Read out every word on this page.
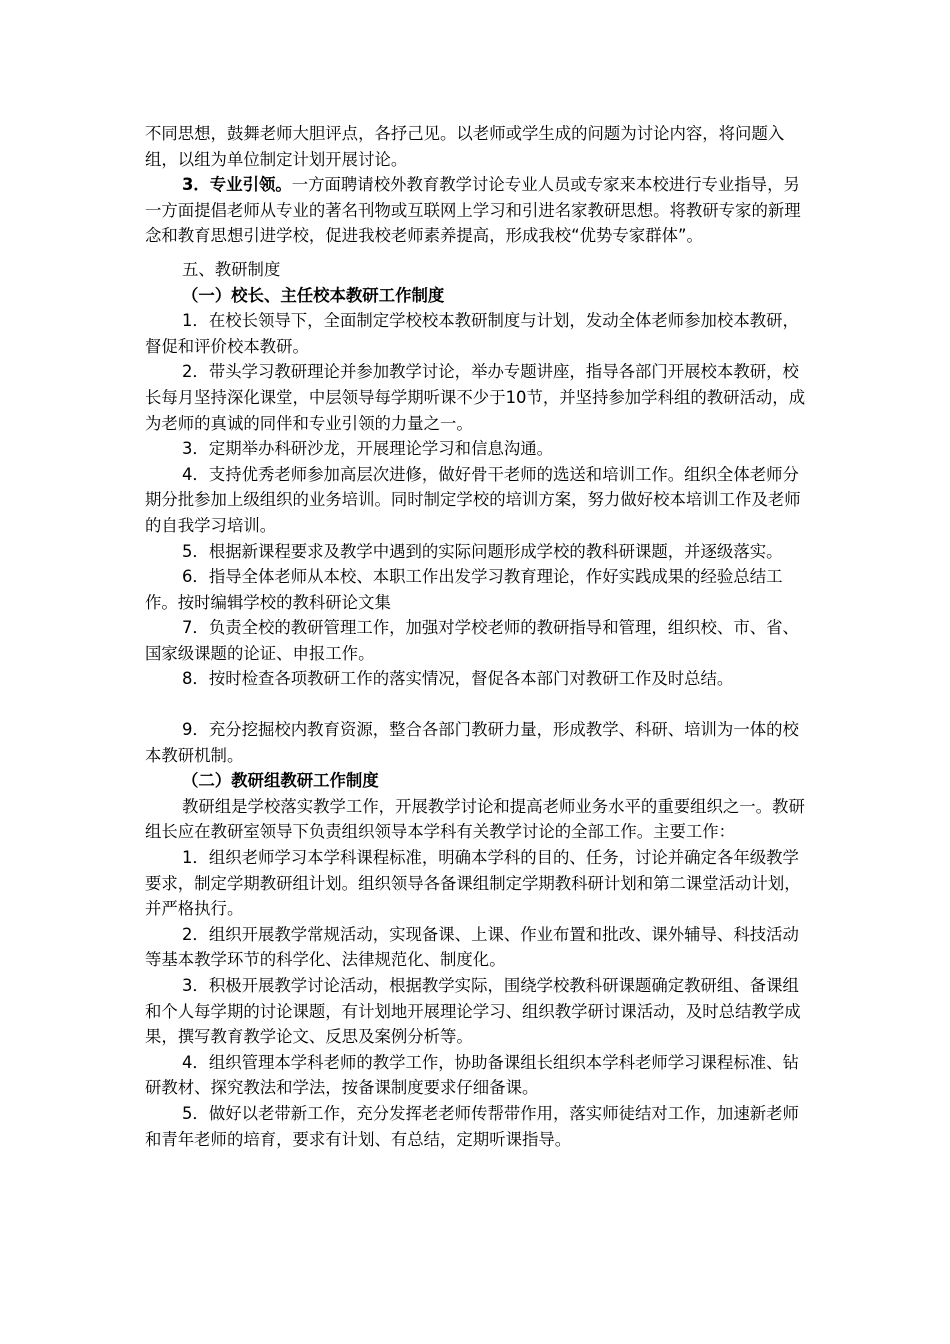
不同思想，鼓舞老师大胆评点，各抒己见。以老师或学生成的问题为讨论内容，将问题入组，以组为单位制定计划开展讨论。

3．专业引领。一方面聘请校外教育教学讨论专业人员或专家来本校进行专业指导，另一方面提倡老师从专业的著名刊物或互联网上学习和引进名家教研思想。将教研专家的新理念和教育思想引进学校，促进我校老师素养提高，形成我校“优势专家群体”。

五、教研制度

（一）校长、主任校本教研工作制度

1．在校长领导下，全面制定学校校本教研制度与计划，发动全体老师参加校本教研，督促和评价校本教研。

2．带头学习教研理论并参加教学讨论，举办专题讲座，指导各部门开展校本教研，校长每月坚持深化课堂，中层领导每学期听课不少于10节，并坚持参加学科组的教研活动，成为老师的真诚的同伴和专业引领的力量之一。

3．定期举办科研沙龙，开展理论学习和信息沟通。

4．支持优秀老师参加高层次进修，做好骨干老师的选送和培训工作。组织全体老师分期分批参加上级组织的业务培训。同时制定学校的培训方案，努力做好校本培训工作及老师的自我学习培训。

5．根据新课程要求及教学中遇到的实际问题形成学校的教科研课题，并逐级落实。

6．指导全体老师从本校、本职工作出发学习教育理论，作好实践成果的经验总结工作。按时编辑学校的教科研论文集

7．负责全校的教研管理工作，加强对学校老师的教研指导和管理，组织校、市、省、国家级课题的论证、申报工作。

8．按时检查各项教研工作的落实情况，督促各本部门对教研工作及时总结。

9．充分挖掘校内教育资源，整合各部门教研力量，形成教学、科研、培训为一体的校本教研机制。

（二）教研组教研工作制度

教研组是学校落实教学工作，开展教学讨论和提高老师业务水平的重要组织之一。教研组长应在教研室领导下负责组织领导本学科有关教学讨论的全部工作。主要工作：

1．组织老师学习本学科课程标准，明确本学科的目的、任务，讨论并确定各年级教学要求，制定学期教研组计划。组织领导各备课组制定学期教科研计划和第二课堂活动计划，并严格执行。

2．组织开展教学常规活动，实现备课、上课、作业布置和批改、课外辅导、科技活动等基本教学环节的科学化、法律规范化、制度化。

3．积极开展教学讨论活动，根据教学实际，围绕学校教科研课题确定教研组、备课组和个人每学期的讨论课题，有计划地开展理论学习、组织教学研讨课活动，及时总结教学成果，撰写教育教学论文、反思及案例分析等。

4．组织管理本学科老师的教学工作，协助备课组长组织本学科老师学习课程标准、钻研教材、探究教法和学法，按备课制度要求仔细备课。

5．做好以老带新工作，充分发挥老老师传帮带作用，落实师徒结对工作，加速新老师和青年老师的培育，要求有计划、有总结，定期听课指导。
